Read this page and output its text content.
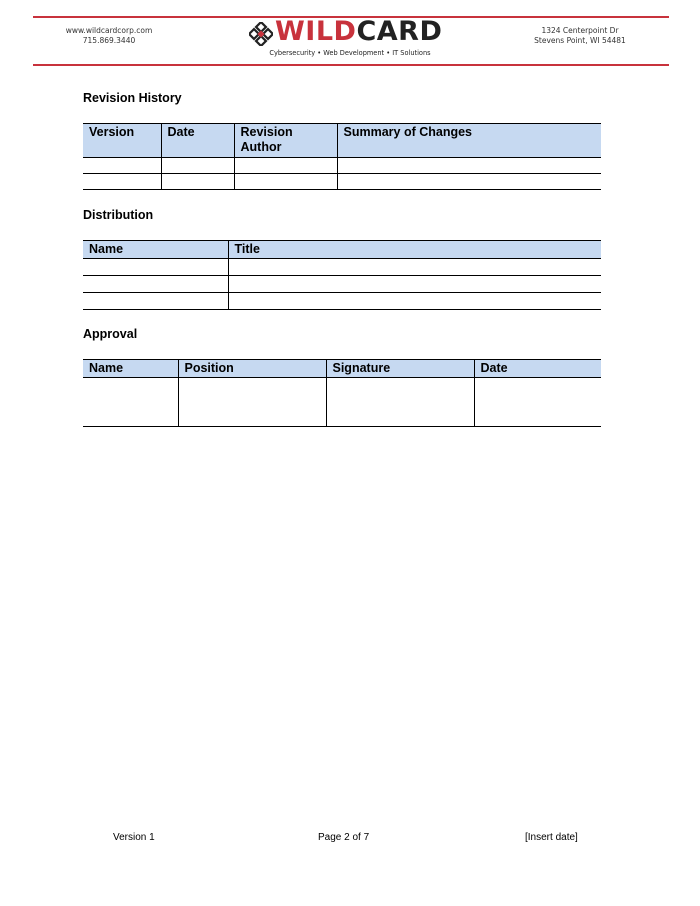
www.wildcardcorp.com
715.869.3440	WILDCARD
Cybersecurity • Web Development • IT Solutions
1324 Centerpoint Dr
Stevens Point, WI 54481
Revision History
Version	Date	Revision Author	Summary of Changes

Distribution
Name	Title

Approval
Name	Position	Signature	Date

Version 1	Page 2 of 7	[Insert date]
